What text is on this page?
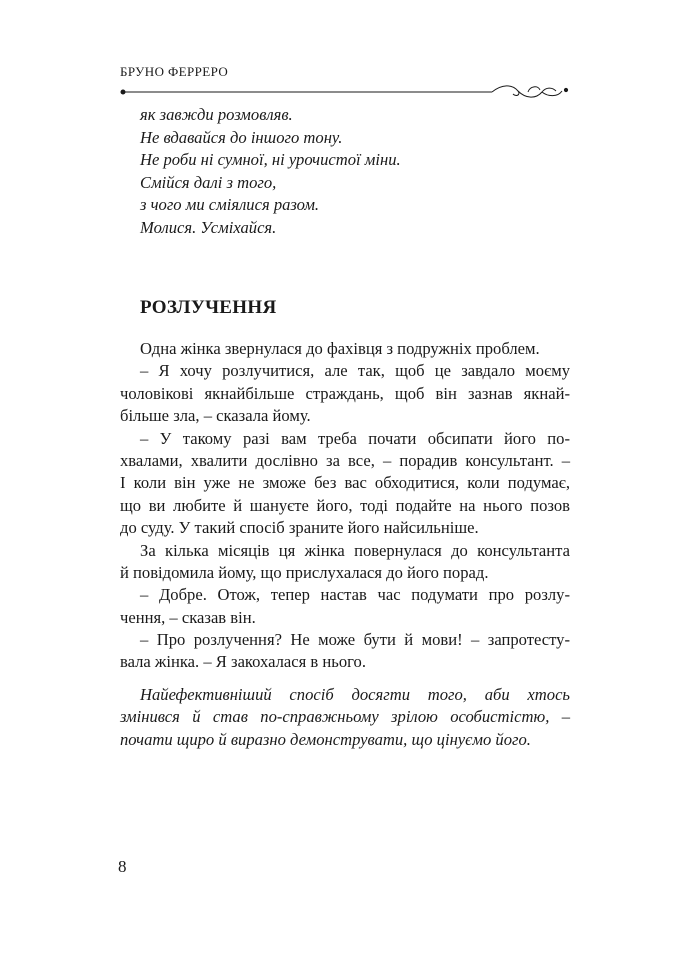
БРУНО ФЕРРЕРО
як завжди розмовляв.
Не вдавайся до іншого тону.
Не роби ні сумної, ні урочистої міни.
Смійся далі з того,
з чого ми сміялися разом.
Молися. Усміхайся.
РОЗЛУЧЕННЯ
Одна жінка звернулася до фахівця з подружніх проблем.
– Я хочу розлучитися, але так, щоб це завдало моєму
чоловікові якнайбільше страждань, щоб він зазнав якнай-
більше зла, – сказала йому.
– У такому разі вам треба почати обсипати його по-
хвалами, хвалити дослівно за все, – порадив консультант. –
І коли він уже не зможе без вас обходитися, коли подумає,
що ви любите й шануєте його, тоді подайте на нього позов
до суду. У такий спосіб зраните його найсильніше.
За кілька місяців ця жінка повернулася до консультанта
й повідомила йому, що прислухалася до його порад.
– Добре. Отож, тепер настав час подумати про розлу-
чення, – сказав він.
– Про розлучення? Не може бути й мови! – запротесту-
вала жінка. – Я закохалася в нього.
Найефективніший спосіб досягти того, аби хтось
змінився й став по-справжньому зрілою особистістю, –
почати щиро й виразно демонструвати, що цінуємо його.
8
